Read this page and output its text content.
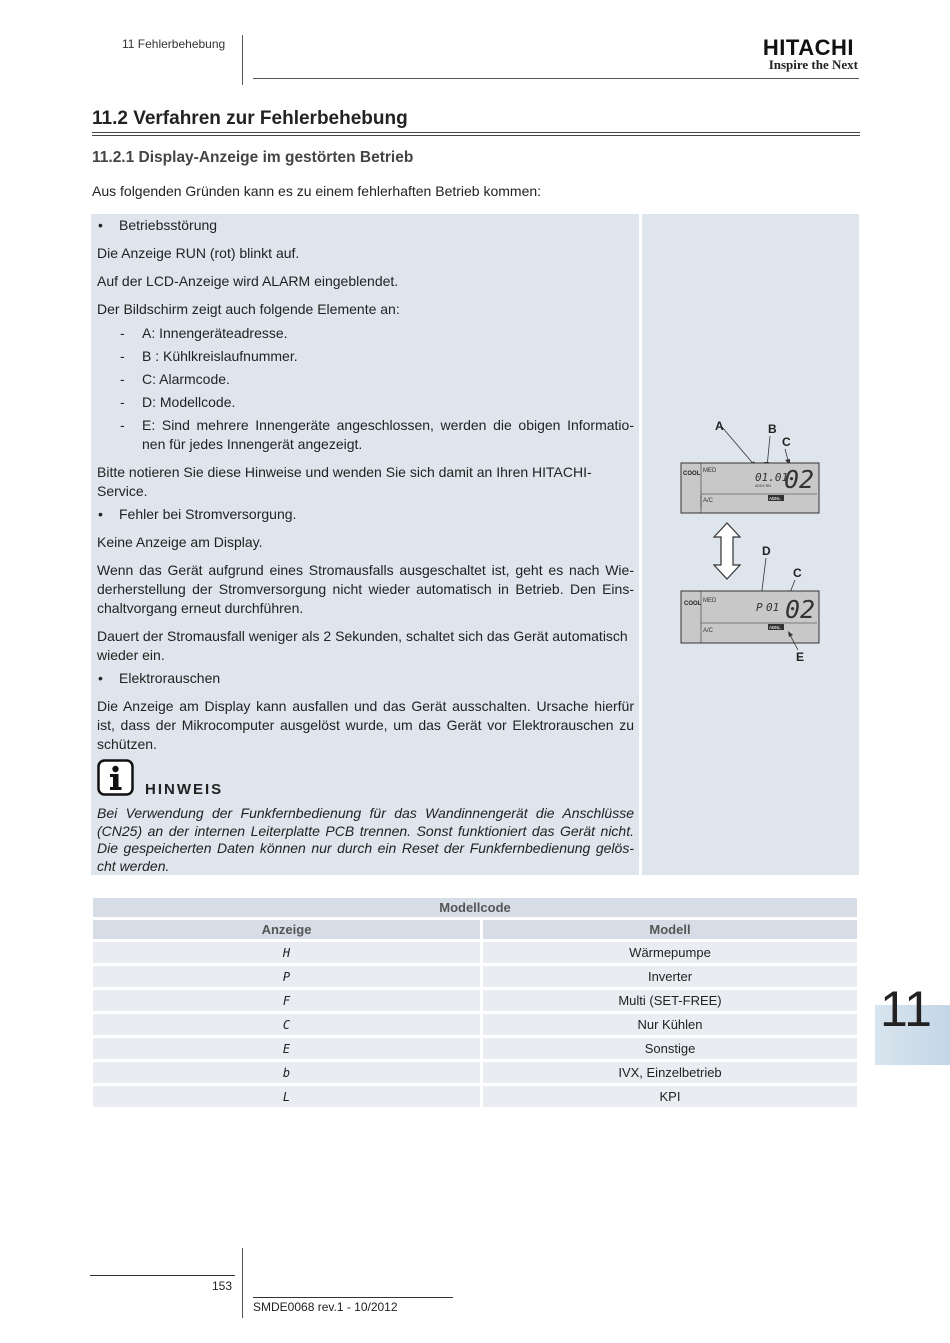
11 Fehlerbehebung	HITACHI
Inspire the Next
11.2 Verfahren zur Fehlerbehebung
11.2.1 Display-Anzeige im gestörten Betrieb
Aus folgenden Gründen kann es zu einem fehlerhaften Betrieb kommen:
• Betriebsstörung

Die Anzeige RUN (rot) blinkt auf.

Auf der LCD-Anzeige wird ALARM eingeblendet.

Der Bildschirm zeigt auch folgende Elemente an:

- A: Innengeräteadresse.
- B : Kühlkreislaufnummer.
- C: Alarmcode.
- D: Modellcode.
- E: Sind mehrere Innengeräte angeschlossen, werden die obigen Informatio-nen für jedes Innengerät angezeigt.

Bitte notieren Sie diese Hinweise und wenden Sie sich damit an Ihren HITACHI-Service.

• Fehler bei Stromversorgung.

Keine Anzeige am Display.

Wenn das Gerät aufgrund eines Stromausfalls ausgeschaltet ist, geht es nach Wie-derherstellung der Stromversorgung nicht wieder automatisch in Betrieb. Den Eins-chaltvorgang erneut durchführen.

Dauert der Stromausfall weniger als 2 Sekunden, schaltet sich das Gerät automatisch wieder ein.

• Elektrorauschen

Die Anzeige am Display kann ausfallen und das Gerät ausschalten. Ursache hierfür ist, dass der Mikrocomputer ausgelöst wurde, um das Gerät vor Elektrorauschen zu schützen.

HINWEIS
Bei Verwendung der Funkfernbedienung für das Wandinnengerät die Anschlüsse (CN25) an der internen Leiterplatte PCB trennen. Sonst funktioniert das Gerät nicht. Die gespeicherten Daten können nur durch ein Reset der Funkfernbedienung gelös-cht werden.
A	B
C
COOL MED
A/C	ABNL
01.01
ADDS RN 02
D
C
COOL MED
A/C
ABNL
P 01 02
E
Modellcode	
Anzeige	Modell
H	Wärmepumpe
P	Inverter
F	Multi (SET-FREE)
C	Nur Kühlen
E	Sonstige
b	IVX, Einzelbetrieb
L	KPI
11
153
SMDE0068 rev.1 - 10/2012
